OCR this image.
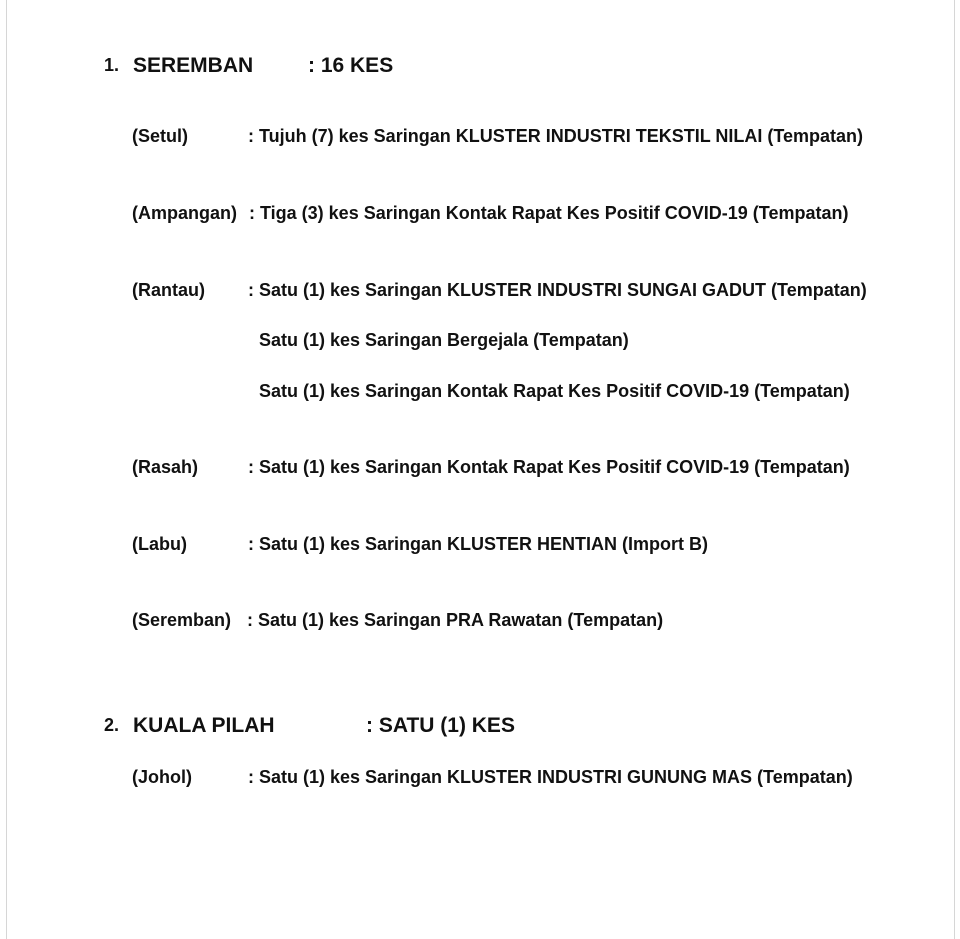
1. SEREMBAN	: 16 KES
(Setul)	: Tujuh (7) kes Saringan KLUSTER INDUSTRI TEKSTIL NILAI (Tempatan)
(Ampangan) : Tiga (3) kes Saringan Kontak Rapat Kes Positif COVID-19 (Tempatan)
(Rantau) : Satu (1) kes Saringan KLUSTER INDUSTRI SUNGAI GADUT (Tempatan)
Satu (1) kes Saringan Bergejala (Tempatan)
Satu (1) kes Saringan Kontak Rapat Kes Positif COVID-19 (Tempatan)
(Rasah)	: Satu (1) kes Saringan Kontak Rapat Kes Positif COVID-19 (Tempatan)
(Labu)	: Satu (1) kes Saringan KLUSTER HENTIAN (Import B)
(Seremban) : Satu (1) kes Saringan PRA Rawatan (Tempatan)
2. KUALA PILAH	: SATU (1) KES
(Johol)	: Satu (1) kes Saringan KLUSTER INDUSTRI GUNUNG MAS (Tempatan)
